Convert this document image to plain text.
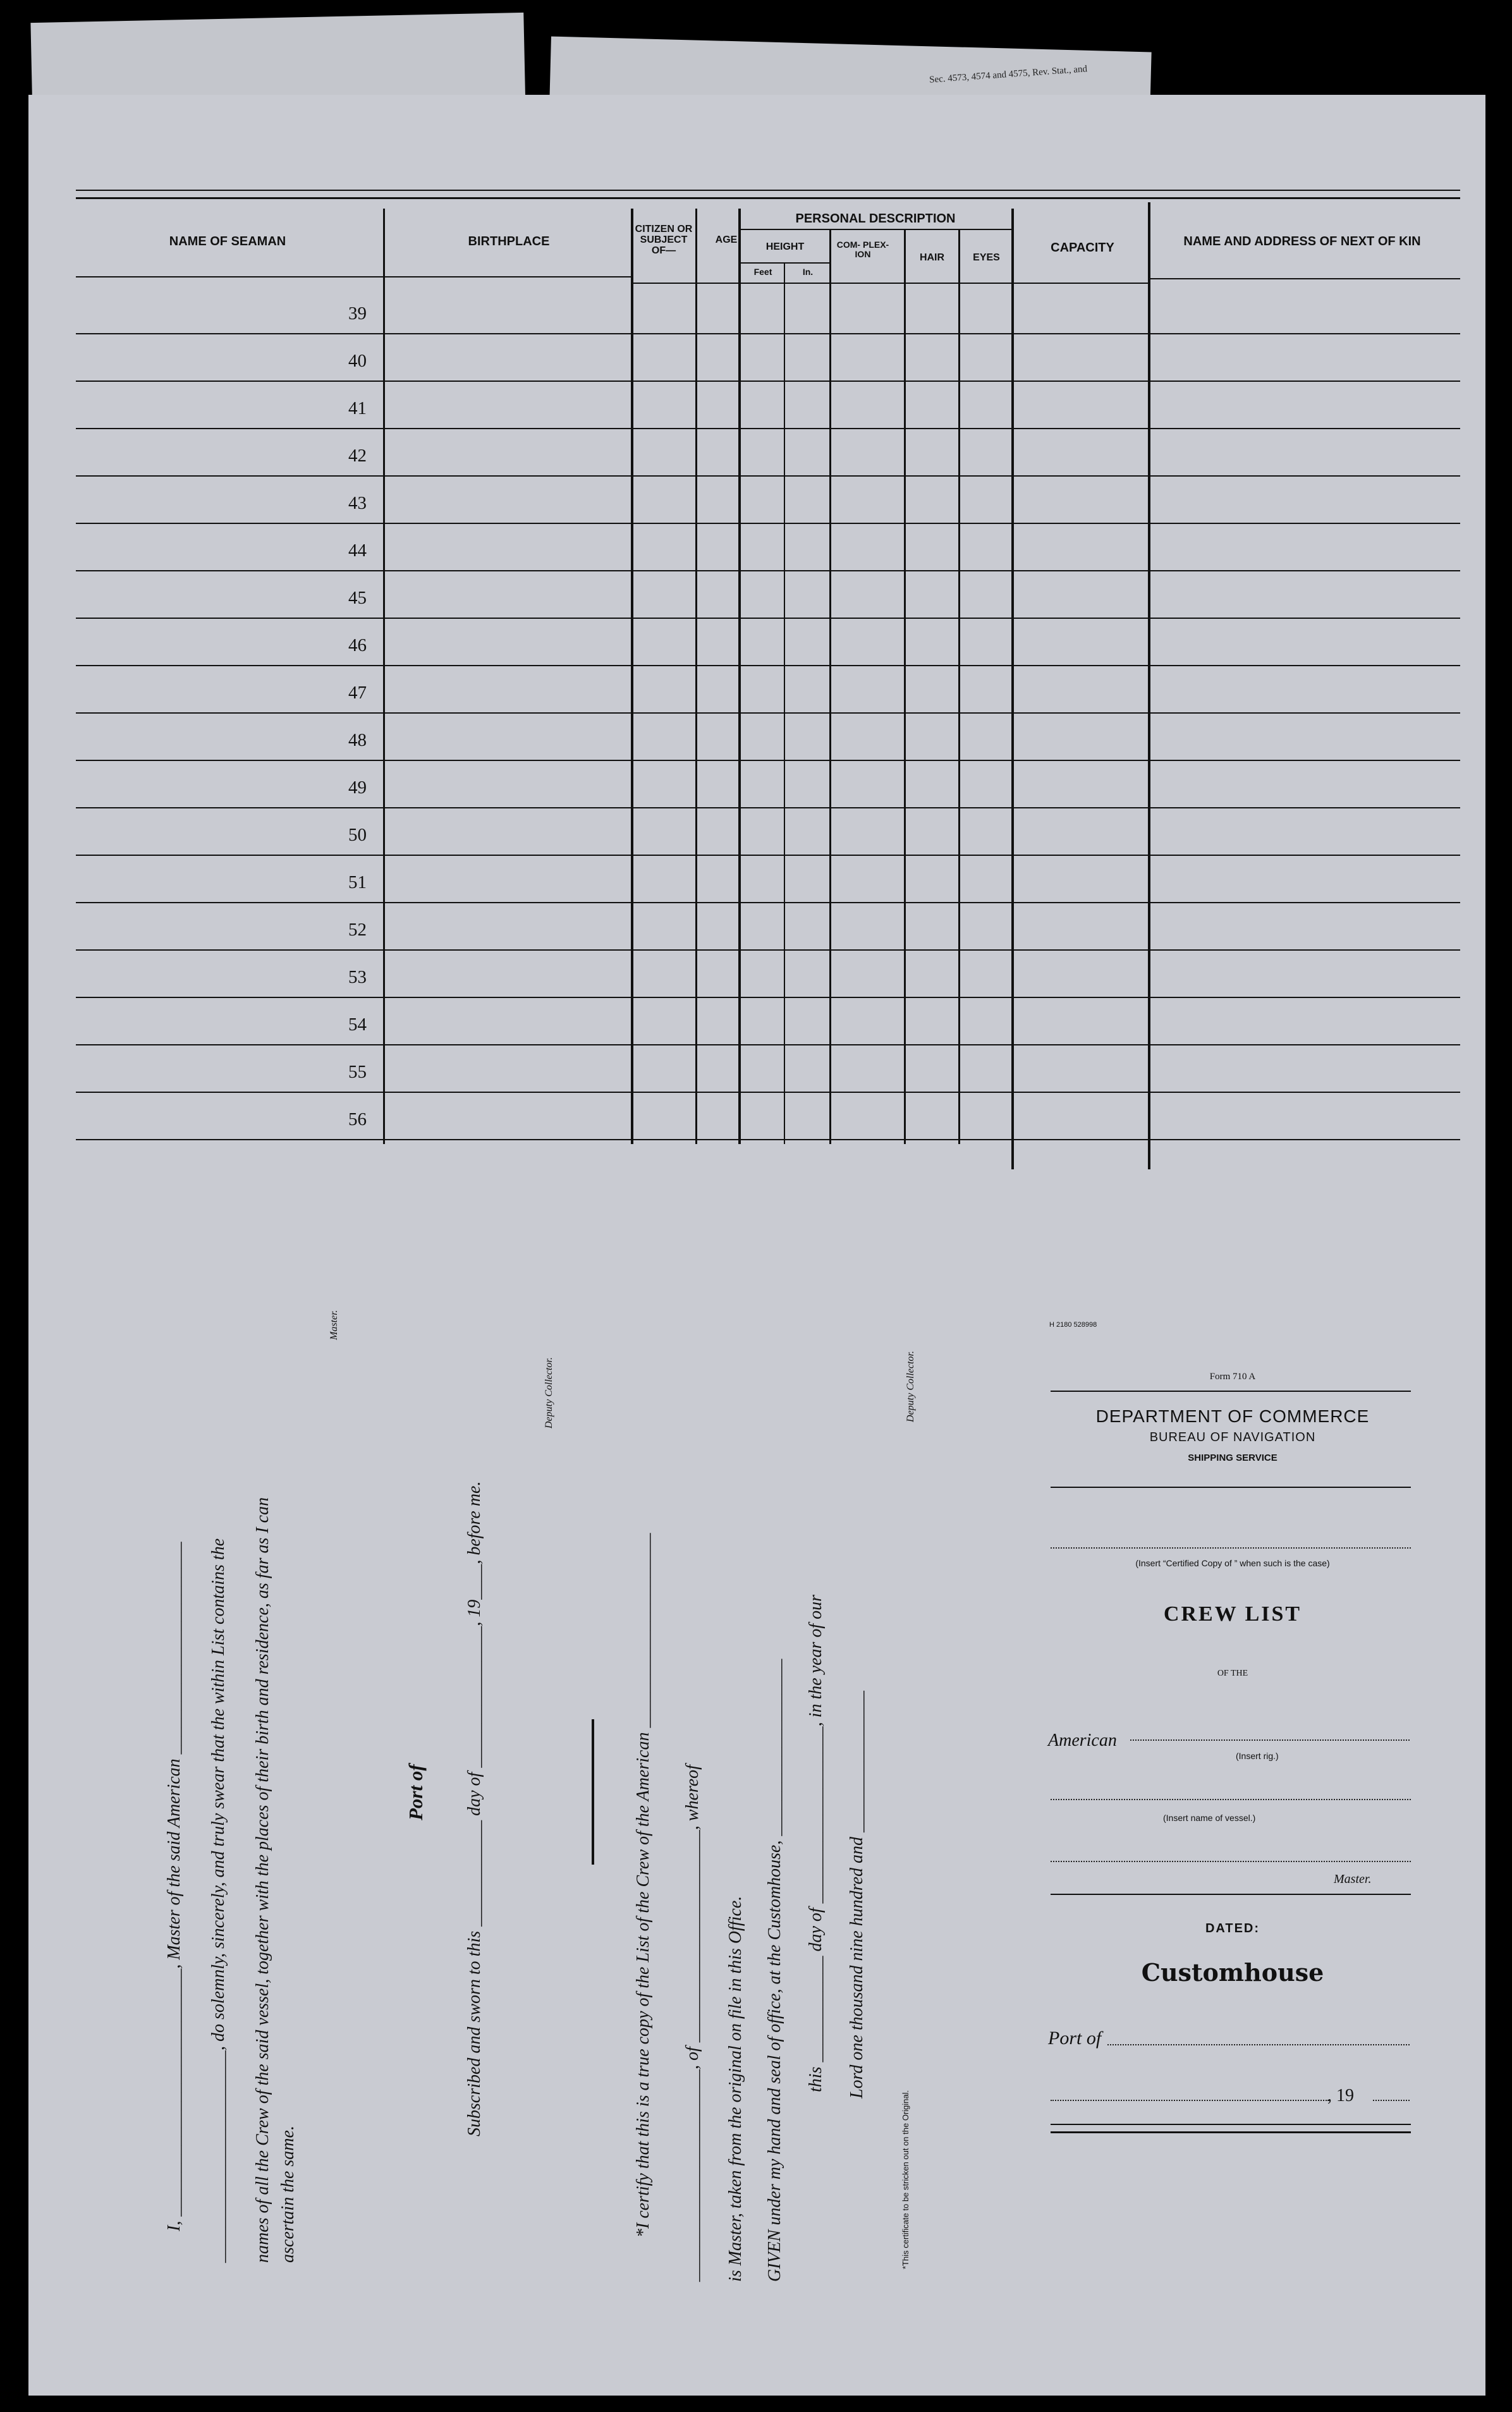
Sec. 4573, 4574 and 4575, Rev. Stat., and
NAME OF SEAMAN	BIRTHPLACE
CITIZEN OR SUBJECT OF—
AGE
PERSONAL DESCRIPTION
HEIGHT
Feet	In.
COM- PLEX- ION	HAIR	EYES
CAPACITY	NAME AND ADDRESS OF NEXT OF KIN
39
40
41
42
43
44
45
46
47
48
49
50
51
52
53
54
55
56
I, ____________________________, Master of the said American ________________________ ________________________, do solemnly, sincerely, and truly swear that the within List contains the names of all the Crew of the said vessel, together with the places of their birth and residence, as far as I can ascertain the same.
Master.
Port of Subscribed and sworn to this ____________ day of ________________, 19____, before me.
Deputy Collector.
*I certify that this is a true copy of the List of the Crew of the American ______________________ ________________________, of ________________________, whereof is Master, taken from the original on file in this Office. GIVEN under my hand and seal of office, at the Customhouse, ____________________ this ____________ day of ____________________, in the year of our Lord one thousand nine hundred and ________________
Deputy Collector.
*This certificate to be stricken out on the Original.
H 2180 528998
Form 710 A
DEPARTMENT OF COMMERCE
BUREAU OF NAVIGATION
SHIPPING SERVICE
(Insert “Certified Copy of ” when such is the case)
CREW LIST
OF THE
American
(Insert rig.)
(Insert name of vessel.)
Master.
DATED:
Customhouse
Port of
, 19
